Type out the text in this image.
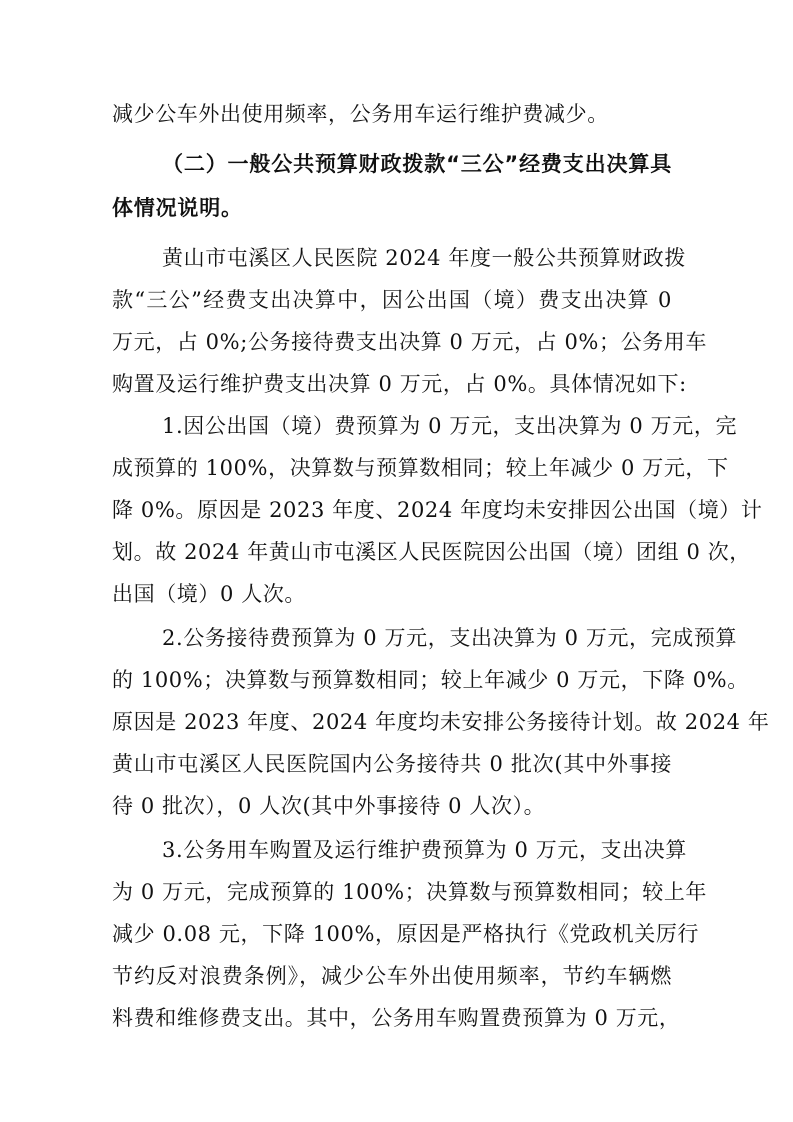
减少公车外出使用频率，公务用车运行维护费减少。
（二）一般公共预算财政拨款“三公”经费支出决算具
体情况说明。
黄山市屯溪区人民医院 2024 年度一般公共预算财政拨
款“三公”经费支出决算中，因公出国（境）费支出决算 0
万元，占 0%;公务接待费支出决算 0 万元，占 0%；公务用车
购置及运行维护费支出决算 0 万元，占 0%。具体情况如下:
1.因公出国（境）费预算为 0 万元，支出决算为 0 万元，完
成预算的 100%，决算数与预算数相同；较上年减少 0 万元，下
降 0%。原因是 2023 年度、2024 年度均未安排因公出国（境）计
划。故 2024 年黄山市屯溪区人民医院因公出国（境）团组 0 次，
出国（境）0 人次。
2.公务接待费预算为 0 万元，支出决算为 0 万元，完成预算
的 100%；决算数与预算数相同；较上年减少 0 万元，下降 0%。
原因是 2023 年度、2024 年度均未安排公务接待计划。故 2024 年
黄山市屯溪区人民医院国内公务接待共 0 批次(其中外事接
待 0 批次），0 人次(其中外事接待 0 人次）。
3.公务用车购置及运行维护费预算为 0 万元，支出决算
为 0 万元，完成预算的 100%；决算数与预算数相同；较上年
减少 0.08 元，下降 100%，原因是严格执行《党政机关厉行
节约反对浪费条例》，减少公车外出使用频率，节约车辆燃
料费和维修费支出。其中，公务用车购置费预算为 0 万元，
